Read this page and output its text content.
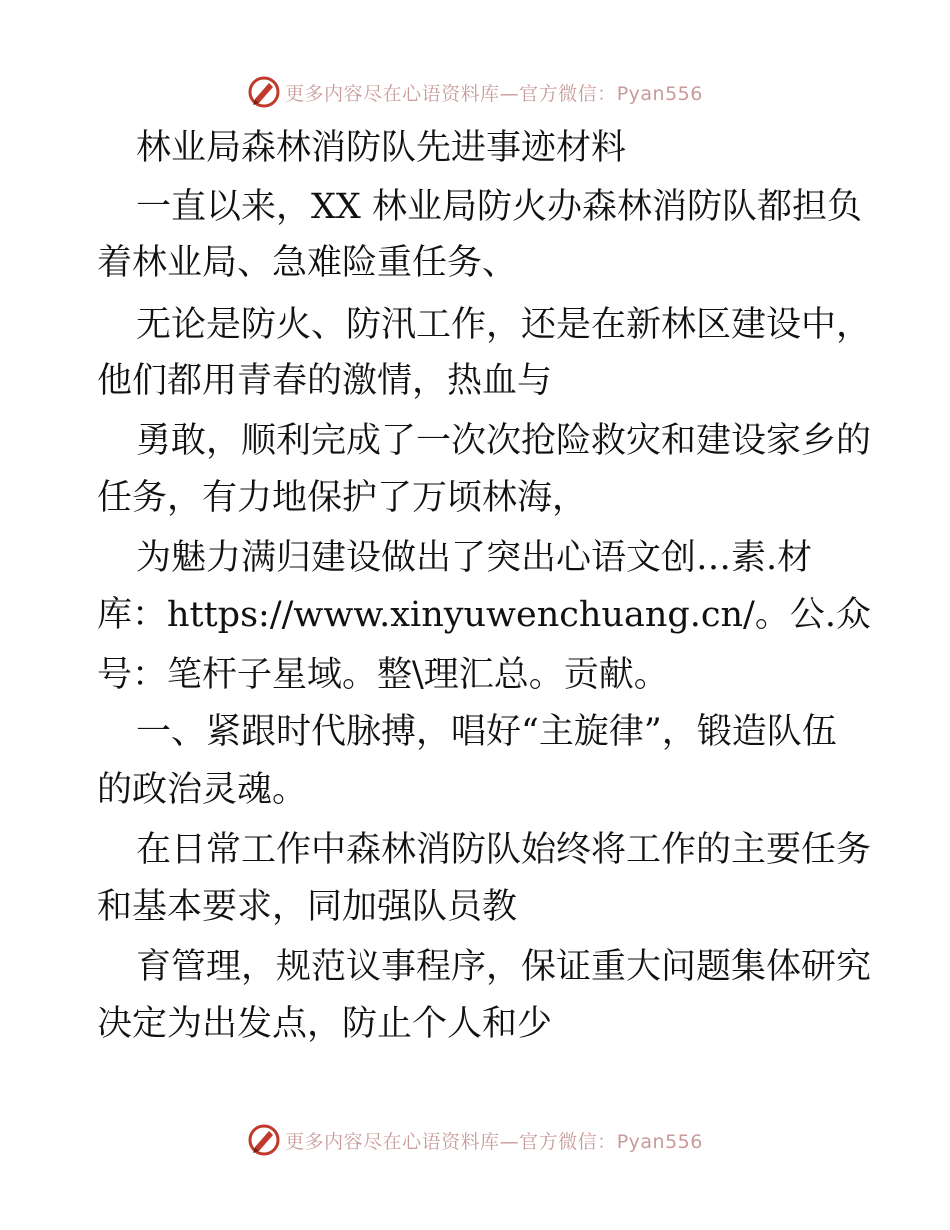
更多内容尽在心语资料库—官方微信：Pyan556
林业局森林消防队先进事迹材料
一直以来，XX 林业局防火办森林消防队都担负
着林业局、急难险重任务、
无论是防火、防汛工作，还是在新林区建设中，
他们都用青春的激情，热血与
勇敢，顺利完成了一次次抢险救灾和建设家乡的
任务，有力地保护了万顷林海，
为魅力满归建设做出了突出心语文创…素.材
库：https://www.xinyuwenchuang.cn/。公.众
号：笔杆子星域。整\理汇总。贡献。
一、紧跟时代脉搏，唱好“主旋律”，锻造队伍
的政治灵魂。
在日常工作中森林消防队始终将工作的主要任务
和基本要求，同加强队员教
育管理，规范议事程序，保证重大问题集体研究
决定为出发点，防止个人和少
更多内容尽在心语资料库—官方微信：Pyan556
